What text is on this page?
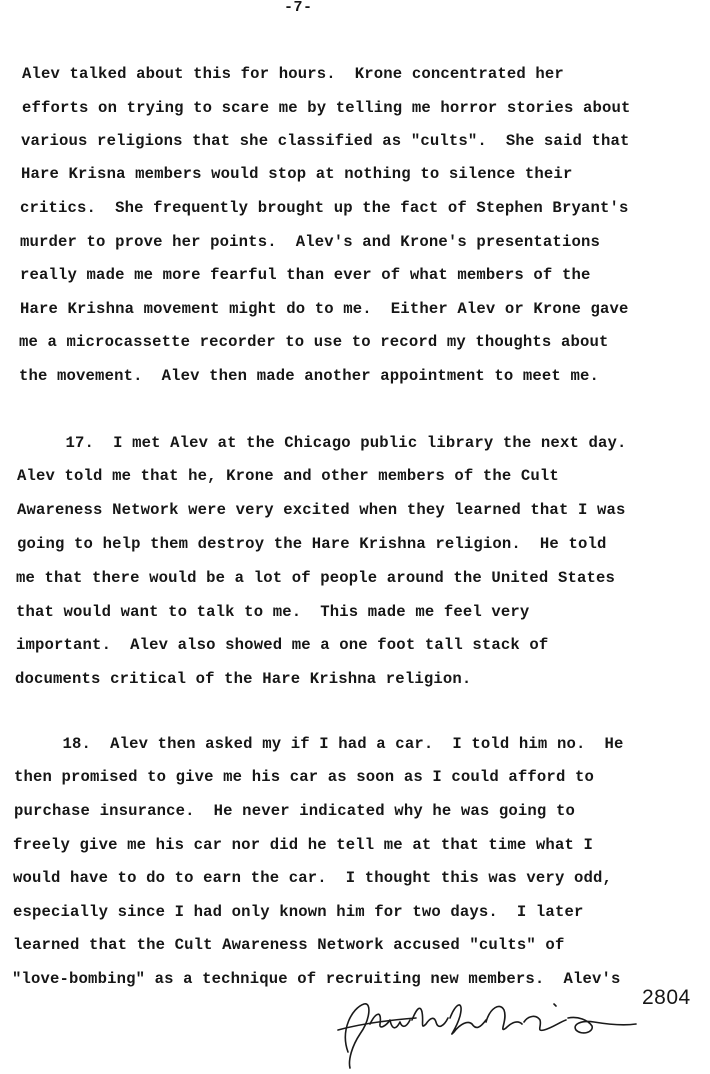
-7-
Alev talked about this for hours.  Krone concentrated her
efforts on trying to scare me by telling me horror stories about
various religions that she classified as "cults".  She said that
Hare Krisna members would stop at nothing to silence their
critics.  She frequently brought up the fact of Stephen Bryant's
murder to prove her points.  Alev's and Krone's presentations
really made me more fearful than ever of what members of the
Hare Krishna movement might do to me.  Either Alev or Krone gave
me a microcassette recorder to use to record my thoughts about
the movement.  Alev then made another appointment to meet me.
17.  I met Alev at the Chicago public library the next day.
Alev told me that he, Krone and other members of the Cult
Awareness Network were very excited when they learned that I was
going to help them destroy the Hare Krishna religion.  He told
me that there would be a lot of people around the United States
that would want to talk to me.  This made me feel very
important.  Alev also showed me a one foot tall stack of
documents critical of the Hare Krishna religion.
18.  Alev then asked my if I had a car.  I told him no.  He
then promised to give me his car as soon as I could afford to
purchase insurance.  He never indicated why he was going to
freely give me his car nor did he tell me at that time what I
would have to do to earn the car.  I thought this was very odd,
especially since I had only known him for two days.  I later
learned that the Cult Awareness Network accused "cults" of
"love-bombing" as a technique of recruiting new members.  Alev's
2804
